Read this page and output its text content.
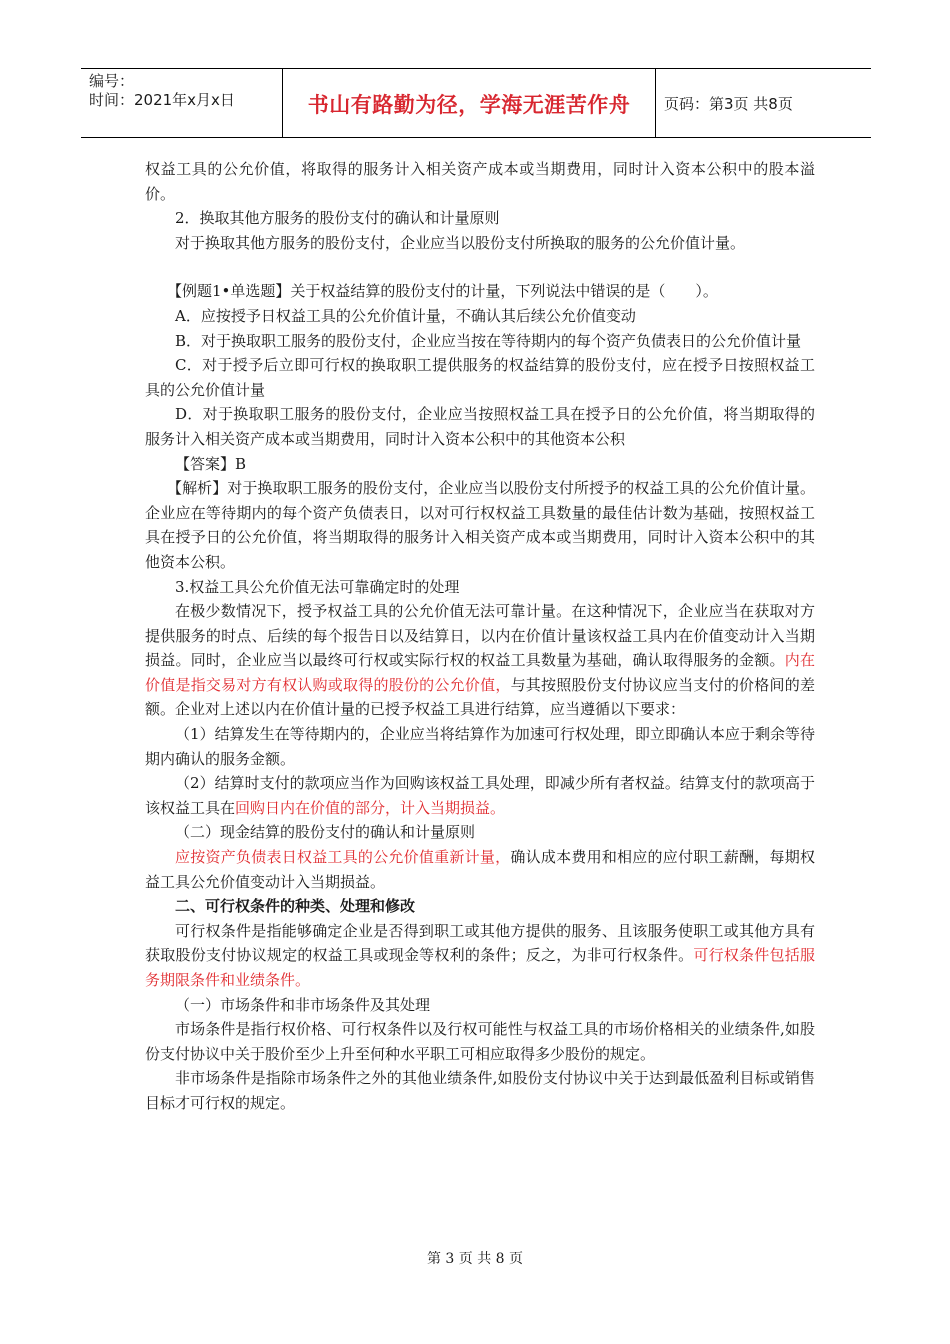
编号：
时间：2021年x月x日	书山有路勤为径，学海无涯苦作舟	页码：第3页 共8页

权益工具的公允价值，将取得的服务计入相关资产成本或当期费用，同时计入资本公积中的股本溢价。

2．换取其他方服务的股份支付的确认和计量原则

对于换取其他方服务的股份支付，企业应当以股份支付所换取的服务的公允价值计量。

【例题1•单选题】关于权益结算的股份支付的计量，下列说法中错误的是（　　）。

A．应按授予日权益工具的公允价值计量，不确认其后续公允价值变动

B．对于换取职工服务的股份支付，企业应当按在等待期内的每个资产负债表日的公允价值计量

C．对于授予后立即可行权的换取职工提供服务的权益结算的股份支付，应在授予日按照权益工具的公允价值计量

D．对于换取职工服务的股份支付，企业应当按照权益工具在授予日的公允价值，将当期取得的服务计入相关资产成本或当期费用，同时计入资本公积中的其他资本公积

【答案】B

【解析】对于换取职工服务的股份支付，企业应当以股份支付所授予的权益工具的公允价值计量。企业应在等待期内的每个资产负债表日，以对可行权权益工具数量的最佳估计数为基础，按照权益工具在授予日的公允价值，将当期取得的服务计入相关资产成本或当期费用，同时计入资本公积中的其他资本公积。

3.权益工具公允价值无法可靠确定时的处理

在极少数情况下，授予权益工具的公允价值无法可靠计量。在这种情况下，企业应当在获取对方提供服务的时点、后续的每个报告日以及结算日，以内在价值计量该权益工具内在价值变动计入当期损益。同时，企业应当以最终可行权或实际行权的权益工具数量为基础，确认取得服务的金额。内在价值是指交易对方有权认购或取得的股份的公允价值，与其按照股份支付协议应当支付的价格间的差额。企业对上述以内在价值计量的已授予权益工具进行结算，应当遵循以下要求：

（1）结算发生在等待期内的，企业应当将结算作为加速可行权处理，即立即确认本应于剩余等待期内确认的服务金额。

（2）结算时支付的款项应当作为回购该权益工具处理，即减少所有者权益。结算支付的款项高于该权益工具在回购日内在价值的部分，计入当期损益。

（二）现金结算的股份支付的确认和计量原则

应按资产负债表日权益工具的公允价值重新计量，确认成本费用和相应的应付职工薪酬，每期权益工具公允价值变动计入当期损益。

二、可行权条件的种类、处理和修改

可行权条件是指能够确定企业是否得到职工或其他方提供的服务、且该服务使职工或其他方具有获取股份支付协议规定的权益工具或现金等权利的条件；反之，为非可行权条件。可行权条件包括服务期限条件和业绩条件。

（一）市场条件和非市场条件及其处理

市场条件是指行权价格、可行权条件以及行权可能性与权益工具的市场价格相关的业绩条件,如股份支付协议中关于股价至少上升至何种水平职工可相应取得多少股份的规定。

非市场条件是指除市场条件之外的其他业绩条件,如股份支付协议中关于达到最低盈利目标或销售目标才可行权的规定。

第 3 页 共 8 页
